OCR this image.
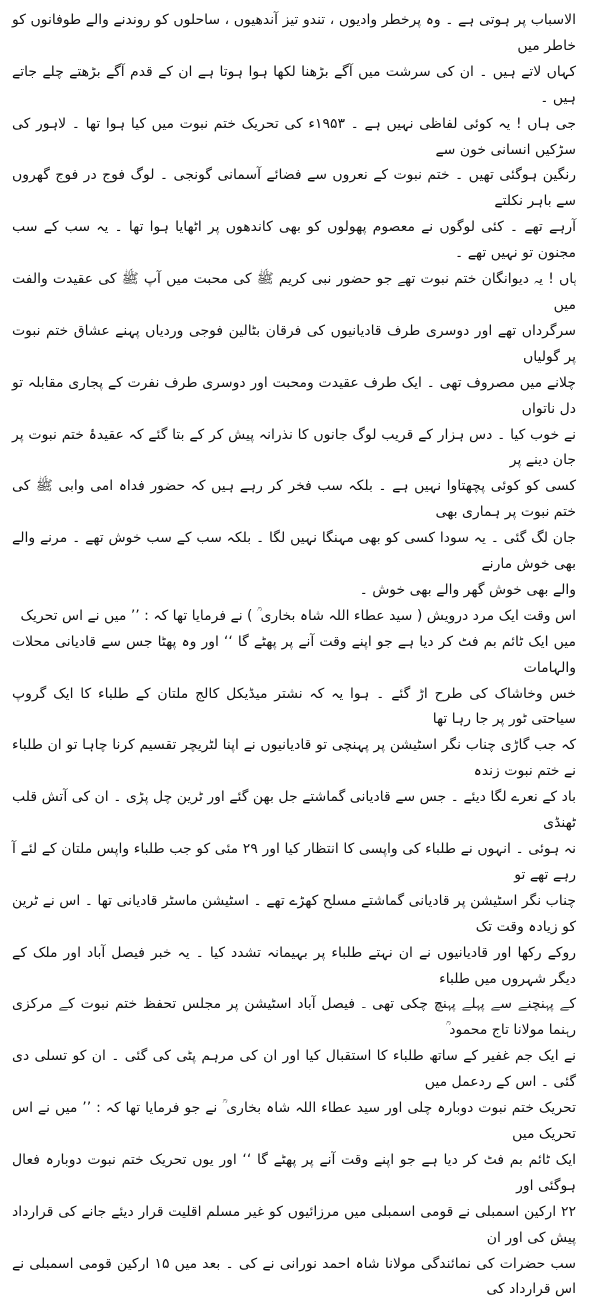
الاسباب پر ہوتی ہے ۔ وہ پرخطر وادیوں ، تندو تیز آندھیوں ، ساحلوں کو روندنے والے طوفانوں کو خاطر میں
کہاں لاتے ہیں ۔ ان کی سرشت میں آگے بڑھنا لکھا ہوا ہوتا ہے ان کے قدم آگے بڑھتے چلے جاتے ہیں ۔

جی ہاں ! یہ کوئی لفاظی نہیں ہے ۔ ۱۹۵۳ء کی تحریک ختم نبوت میں کیا ہوا تھا ۔ لاہور کی سڑکیں انسانی خون سے
رنگین ہوگئی تھیں ۔ ختم نبوت کے نعروں سے فضائے آسمانی گونجی ۔ لوگ فوج در فوج گھروں سے باہر نکلتے
آرہے تھے ۔ کئی لوگوں نے معصوم پھولوں کو بھی کاندھوں پر اٹھایا ہوا تھا ۔ یہ سب کے سب مجنون تو نہیں تھے ۔
ہاں ! یہ دیوانگان ختم نبوت تھے جو حضور نبی کریم ﷺ کی محبت میں آپ ﷺ کی عقیدت والفت میں
سرگرداں تھے اور دوسری طرف قادیانیوں کی فرقان بٹالین فوجی وردیاں پہنے عشاق ختم نبوت پر گولیاں
چلانے میں مصروف تھی ۔ ایک طرف عقیدت ومحبت اور دوسری طرف نفرت کے پجاری مقابلہ تو دل ناتواں
نے خوب کیا ۔ دس ہزار کے قریب لوگ جانوں کا نذرانہ پیش کر کے بتا گئے کہ عقیدۂ ختم نبوت پر جان دینے پر
کسی کو کوئی پچھتاوا نہیں ہے ۔ بلکہ سب فخر کر رہے ہیں کہ حضور فداہ امی وابی ﷺ کی ختم نبوت پر ہماری بھی
جان لگ گئی ۔ یہ سودا کسی کو بھی مہنگا نہیں لگا ۔ بلکہ سب کے سب خوش تھے ۔ مرنے والے بھی خوش مارنے
والے بھی خوش گھر والے بھی خوش ۔

اس وقت ایک مرد درویش ( سید عطاء اللہ شاہ بخاری ؒ ) نے فرمایا تھا کہ : ’’ میں نے اس تحریک
میں ایک ٹائم بم فٹ کر دیا ہے جو اپنے وقت آنے پر پھٹے گا ‘‘ اور وہ پھٹا جس سے قادیانی محلات والہامات
خس وخاشاک کی طرح اڑ گئے ۔ ہوا یہ کہ نشتر میڈیکل کالج ملتان کے طلباء کا ایک گروپ سیاحتی ٹور پر جا رہا تھا
کہ جب گاڑی چناب نگر اسٹیشن پر پہنچی تو قادیانیوں نے اپنا لٹریچر تقسیم کرنا چاہا تو ان طلباء نے ختم نبوت زندہ
باد کے نعرے لگا دیئے ۔ جس سے قادیانی گماشتے جل بھن گئے اور ٹرین چل پڑی ۔ ان کی آتش قلب ٹھنڈی
نہ ہوئی ۔ انہوں نے طلباء کی واپسی کا انتظار کیا اور ۲۹ مئی کو جب طلباء واپس ملتان کے لئے آ رہے تھے تو
چناب نگر اسٹیشن پر قادیانی گماشتے مسلح کھڑے تھے ۔ اسٹیشن ماسٹر قادیانی تھا ۔ اس نے ٹرین کو زیادہ وقت تک
روکے رکھا اور قادیانیوں نے ان نہتے طلباء پر بہیمانہ تشدد کیا ۔ یہ خبر فیصل آباد اور ملک کے دیگر شہروں میں طلباء
کے پہنچنے سے پہلے پہنچ چکی تھی ۔ فیصل آباد اسٹیشن پر مجلس تحفظ ختم نبوت کے مرکزی رہنما مولانا تاج محمود ؒ
نے ایک جم غفیر کے ساتھ طلباء کا استقبال کیا اور ان کی مرہم پٹی کی گئی ۔ ان کو تسلی دی گئی ۔ اس کے ردعمل میں
تحریک ختم نبوت دوبارہ چلی اور سید عطاء اللہ شاہ بخاری ؒ نے جو فرمایا تھا کہ : ’’ میں نے اس تحریک میں
ایک ٹائم بم فٹ کر دیا ہے جو اپنے وقت آنے پر پھٹے گا ‘‘ اور یوں تحریک ختم نبوت دوبارہ فعال ہوگئی اور
۲۲ ارکین اسمبلی نے قومی اسمبلی میں مرزائیوں کو غیر مسلم اقلیت قرار دیئے جانے کی قرارداد پیش کی اور ان
سب حضرات کی نمائندگی مولانا شاہ احمد نورانی نے کی ۔ بعد میں ۱۵ ارکین قومی اسمبلی نے اس قرارداد کی
